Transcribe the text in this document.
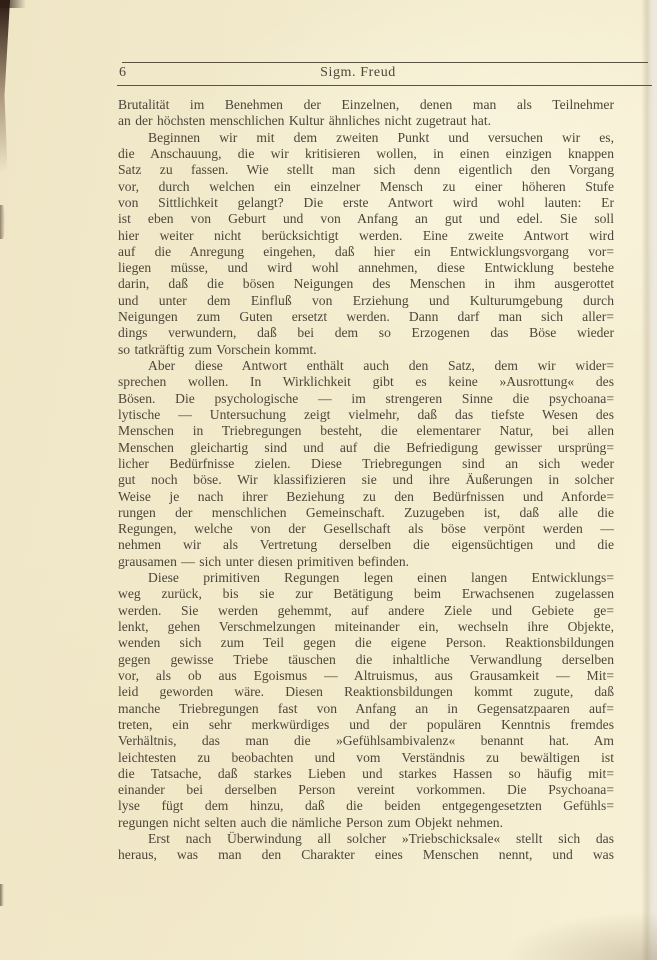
6	Sigm. Freud
Brutalität im Benehmen der Einzelnen, denen man als Teilnehmer
an der höchsten menschlichen Kultur ähnliches nicht zugetraut hat.
Beginnen wir mit dem zweiten Punkt und versuchen wir es,
die Anschauung, die wir kritisieren wollen, in einen einzigen knappen
Satz zu fassen. Wie stellt man sich denn eigentlich den Vorgang
vor, durch welchen ein einzelner Mensch zu einer höheren Stufe
von Sittlichkeit gelangt? Die erste Antwort wird wohl lauten: Er
ist eben von Geburt und von Anfang an gut und edel. Sie soll
hier weiter nicht berücksichtigt werden. Eine zweite Antwort wird
auf die Anregung eingehen, daß hier ein Entwicklungsvorgang vor=
liegen müsse, und wird wohl annehmen, diese Entwicklung bestehe
darin, daß die bösen Neigungen des Menschen in ihm ausgerottet
und unter dem Einfluß von Erziehung und Kulturumgebung durch
Neigungen zum Guten ersetzt werden. Dann darf man sich aller=
dings verwundern, daß bei dem so Erzogenen das Böse wieder
so tatkräftig zum Vorschein kommt.
Aber diese Antwort enthält auch den Satz, dem wir wider=
sprechen wollen. In Wirklichkeit gibt es keine »Ausrottung« des
Bösen. Die psychologische — im strengeren Sinne die psychoana=
lytische — Untersuchung zeigt vielmehr, daß das tiefste Wesen des
Menschen in Triebregungen besteht, die elementarer Natur, bei allen
Menschen gleichartig sind und auf die Befriedigung gewisser ursprüng=
licher Bedürfnisse zielen. Diese Triebregungen sind an sich weder
gut noch böse. Wir klassifizieren sie und ihre Äußerungen in solcher
Weise je nach ihrer Beziehung zu den Bedürfnissen und Anforde=
rungen der menschlichen Gemeinschaft. Zuzugeben ist, daß alle die
Regungen, welche von der Gesellschaft als böse verpönt werden —
nehmen wir als Vertretung derselben die eigensüchtigen und die
grausamen — sich unter diesen primitiven befinden.
Diese primitiven Regungen legen einen langen Entwicklungs=
weg zurück, bis sie zur Betätigung beim Erwachsenen zugelassen
werden. Sie werden gehemmt, auf andere Ziele und Gebiete ge=
lenkt, gehen Verschmelzungen miteinander ein, wechseln ihre Objekte,
wenden sich zum Teil gegen die eigene Person. Reaktionsbildungen
gegen gewisse Triebe täuschen die inhaltliche Verwandlung derselben
vor, als ob aus Egoismus — Altruismus, aus Grausamkeit — Mit=
leid geworden wäre. Diesen Reaktionsbildungen kommt zugute, daß
manche Triebregungen fast von Anfang an in Gegensatzpaaren auf=
treten, ein sehr merkwürdiges und der populären Kenntnis fremdes
Verhältnis, das man die »Gefühlsambivalenz« benannt hat. Am
leichtesten zu beobachten und vom Verständnis zu bewältigen ist
die Tatsache, daß starkes Lieben und starkes Hassen so häufig mit=
einander bei derselben Person vereint vorkommen. Die Psychoana=
lyse fügt dem hinzu, daß die beiden entgegengesetzten Gefühls=
regungen nicht selten auch die nämliche Person zum Objekt nehmen.
Erst nach Überwindung all solcher »Triebschicksale« stellt sich das
heraus, was man den Charakter eines Menschen nennt, und was
